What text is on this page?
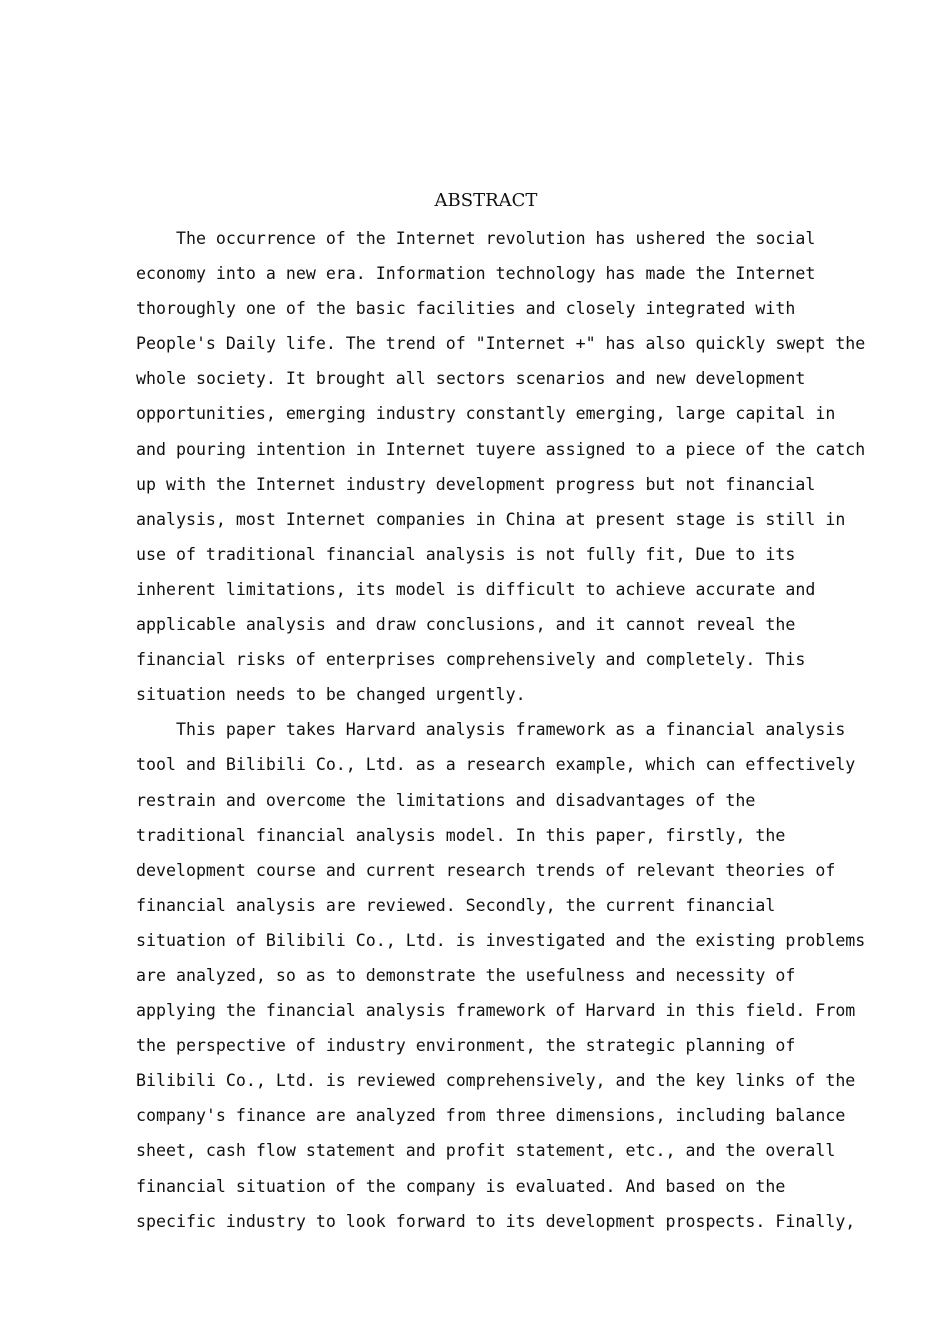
ABSTRACT
The occurrence of the Internet revolution has ushered the social
economy into a new era. Information technology has made the Internet
thoroughly one of the basic facilities and closely integrated with
People's Daily life. The trend of "Internet +" has also quickly swept the
whole society. It brought all sectors scenarios and new development
opportunities, emerging industry constantly emerging, large capital in
and pouring intention in Internet tuyere assigned to a piece of the catch
up with the Internet industry development progress but not financial
analysis, most Internet companies in China at present stage is still in
use of traditional financial analysis is not fully fit, Due to its
inherent limitations, its model is difficult to achieve accurate and
applicable analysis and draw conclusions, and it cannot reveal the
financial risks of enterprises comprehensively and completely. This
situation needs to be changed urgently.
This paper takes Harvard analysis framework as a financial analysis
tool and Bilibili Co., Ltd. as a research example, which can effectively
restrain and overcome the limitations and disadvantages of the
traditional financial analysis model. In this paper, firstly, the
development course and current research trends of relevant theories of
financial analysis are reviewed. Secondly, the current financial
situation of Bilibili Co., Ltd. is investigated and the existing problems
are analyzed, so as to demonstrate the usefulness and necessity of
applying the financial analysis framework of Harvard in this field. From
the perspective of industry environment, the strategic planning of
Bilibili Co., Ltd. is reviewed comprehensively, and the key links of the
company's finance are analyzed from three dimensions, including balance
sheet, cash flow statement and profit statement, etc., and the overall
financial situation of the company is evaluated. And based on the
specific industry to look forward to its development prospects. Finally,
